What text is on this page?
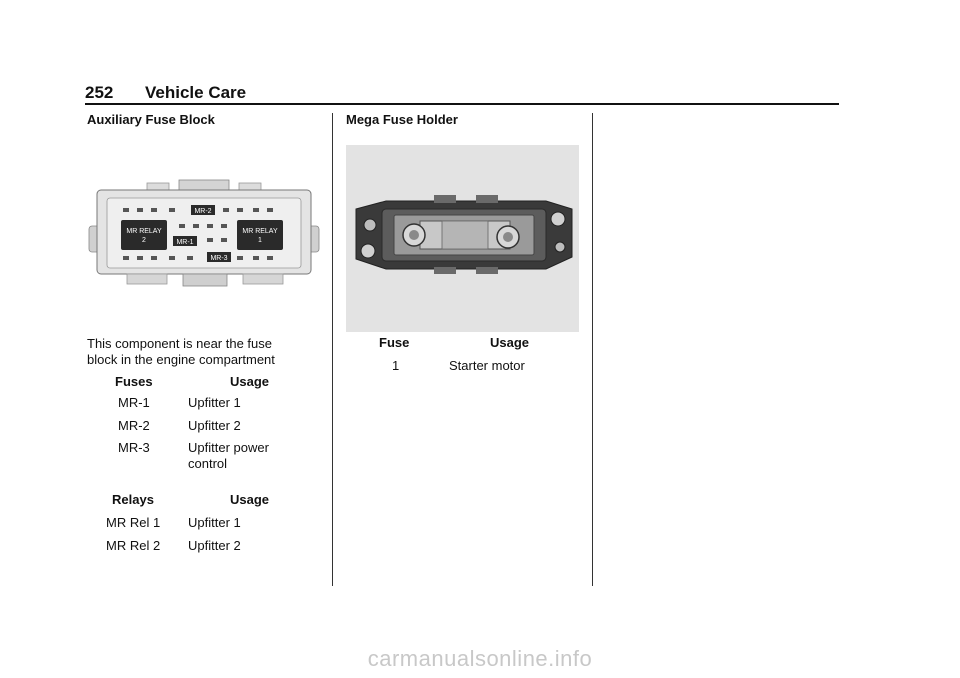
252 Vehicle Care
Auxiliary Fuse Block
MR-2
MR-1
MR-3
MR RELAY
2
MR RELAY
1
This component is near the fuse
block in the engine compartment
Fuses	Usage
MR-1	Upfitter 1
MR-2	Upfitter 2
MR-3	Upfitter power
control
Relays	Usage
MR Rel 1 Upfitter 1
MR Rel 2 Upfitter 2
Mega Fuse Holder
Fuse	Usage
1	Starter motor
carmanualsonline.info
